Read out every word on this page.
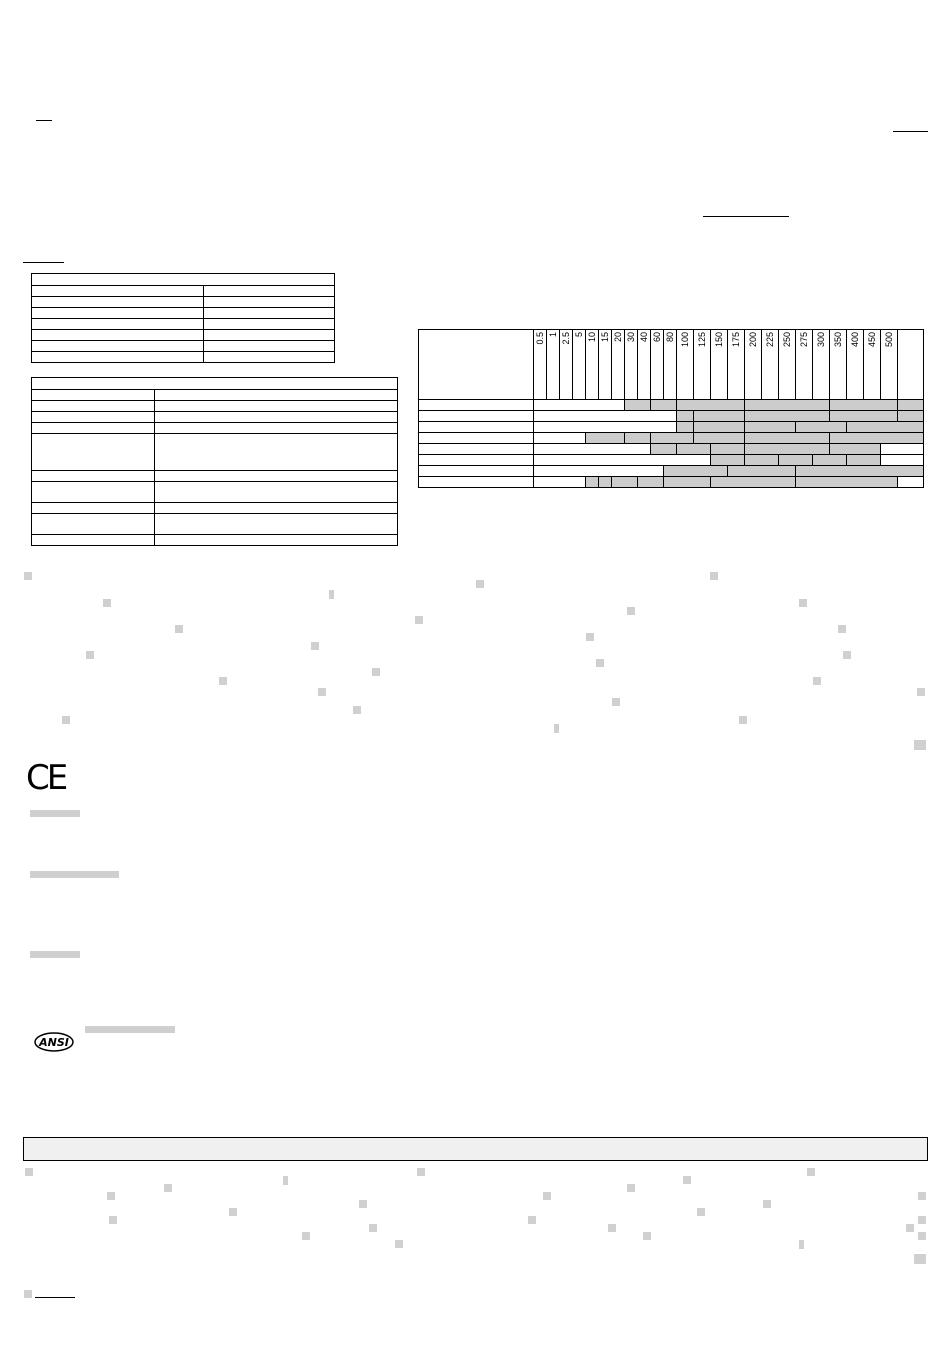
	0.5	1	2.5	5	10	15	20	30	40	60	80	100	125	150	175	200	225	250	275	300	350	400	450	500	

CE
ANSI
